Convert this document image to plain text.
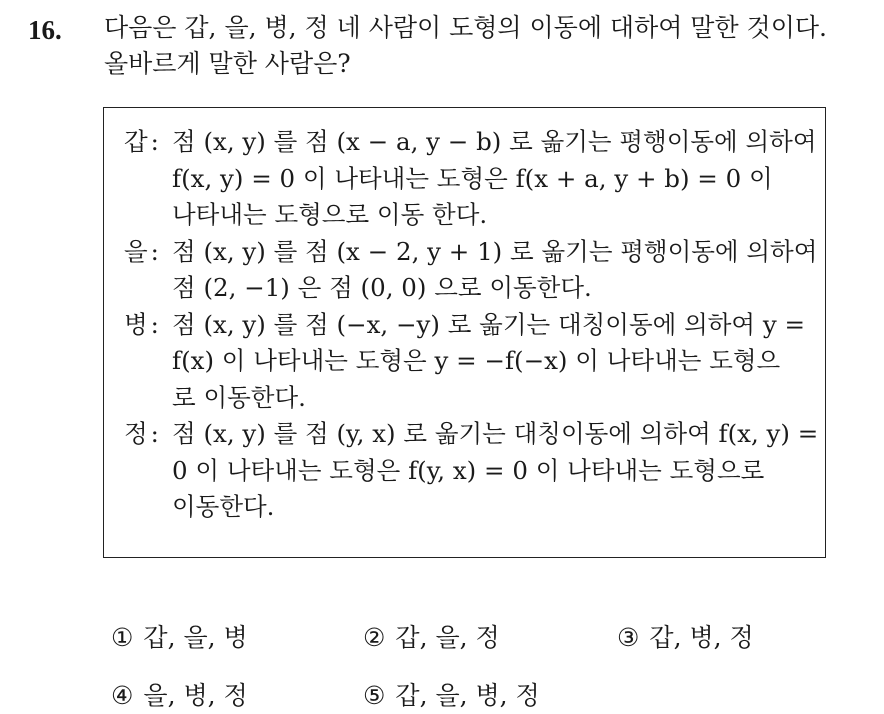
16. 다음은 갑, 을, 병, 정 네 사람이 도형의 이동에 대하여 말한 것이다.
올바르게 말한 사람은?
갑 : 점 (x, y) 를 점 (x − a, y − b) 로 옮기는 평행이동에 의하여
f(x, y) = 0 이 나타내는 도형은 f(x + a, y + b) = 0 이
나타내는 도형으로 이동 한다.
을 : 점 (x, y) 를 점 (x − 2, y + 1) 로 옮기는 평행이동에 의하여
점 (2, −1) 은 점 (0, 0) 으로 이동한다.
병 : 점 (x, y) 를 점 (−x, −y) 로 옮기는 대칭이동에 의하여 y =
f(x) 이 나타내는 도형은 y = −f(−x) 이 나타내는 도형으
로 이동한다.
정 : 점 (x, y) 를 점 (y, x) 로 옮기는 대칭이동에 의하여 f(x, y) =
0 이 나타내는 도형은 f(y, x) = 0 이 나타내는 도형으로
이동한다.
① 갑, 을, 병	② 갑, 을, 정	③ 갑, 병, 정
④ 을, 병, 정	⑤ 갑, 을, 병, 정
